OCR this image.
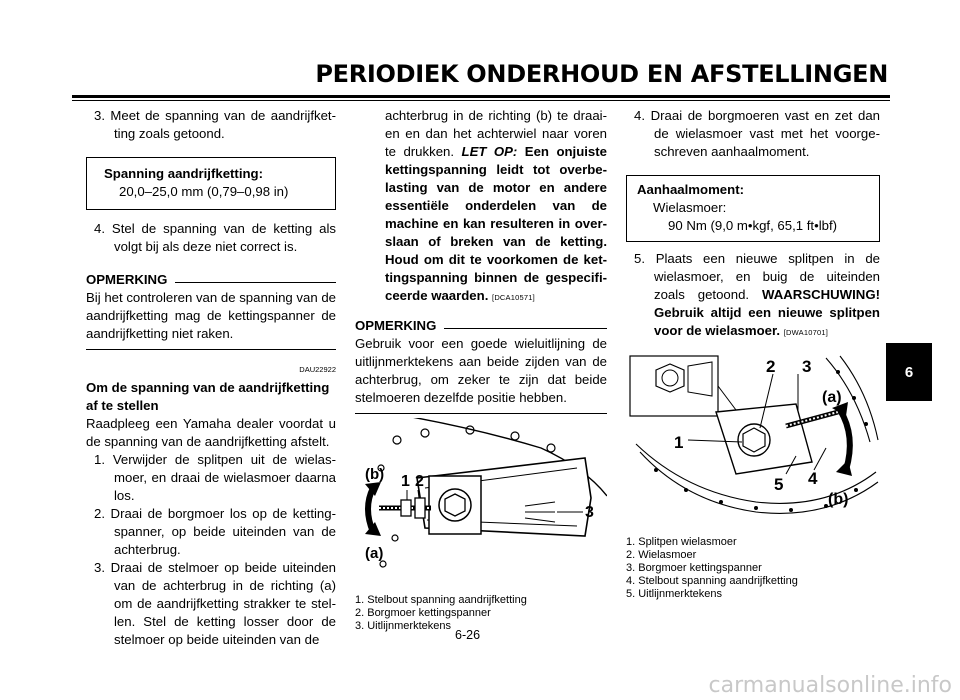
PERIODIEK ONDERHOUD EN AFSTELLINGEN
6

3. Meet de spanning van de aandrijfket-ting zoals getoond.

Spanning aandrijfketting:
20,0–25,0 mm (0,79–0,98 in)

4. Stel de spanning van de ketting als volgt bij als deze niet correct is.

OPMERKING

Bij het controleren van de spanning van de aandrijfketting mag de kettingspanner de aandrijfketting niet raken.

DAU22922

Om de spanning van de aandrijfketting af te stellen

Raadpleeg een Yamaha dealer voordat u de spanning van de aandrijfketting afstelt.

1. Verwijder de splitpen uit de wielas-moer, en draai de wielasmoer daarna los.

2. Draai de borgmoer los op de ketting-spanner, op beide uiteinden van de achterbrug.

3. Draai de stelmoer op beide uiteinden van de achterbrug in de richting (a) om de aandrijfketting strakker te stel-len. Stel de ketting losser door de stelmoer op beide uiteinden van de

achterbrug in de richting (b) te draai-en en dan het achterwiel naar voren te drukken. LET OP: Een onjuiste kettingspanning leidt tot overbe-lasting van de motor en andere essentiële onderdelen van de machine en kan resulteren in over-slaan of breken van de ketting. Houd om dit te voorkomen de ket-tingspanning binnen de gespecifi-ceerde waarden. [DCA10571]

OPMERKING

Gebruik voor een goede wieluitlijning de uitlijnmerktekens aan beide zijden van de achterbrug, om zeker te zijn dat beide stelmoeren dezelfde positie hebben.

(b) 1 2
3
(a)
1. Stelbout spanning aandrijfketting
2. Borgmoer kettingspanner
3. Uitlijnmerktekens

4. Draai de borgmoeren vast en zet dan de wielasmoer vast met het voorge-schreven aanhaalmoment.

Aanhaalmoment:
Wielasmoer:
90 Nm (9,0 m•kgf, 65,1 ft•lbf)

5. Plaats een nieuwe splitpen in de wielasmoer, en buig de uiteinden zoals getoond. WAARSCHUWING! Gebruik altijd een nieuwe splitpen voor de wielasmoer. [DWA10701]

1
2 3
(a)
5 4
(b)
1. Splitpen wielasmoer
2. Wielasmoer
3. Borgmoer kettingspanner
4. Stelbout spanning aandrijfketting
5. Uitlijnmerktekens
6-26
carmanualsonline.info
